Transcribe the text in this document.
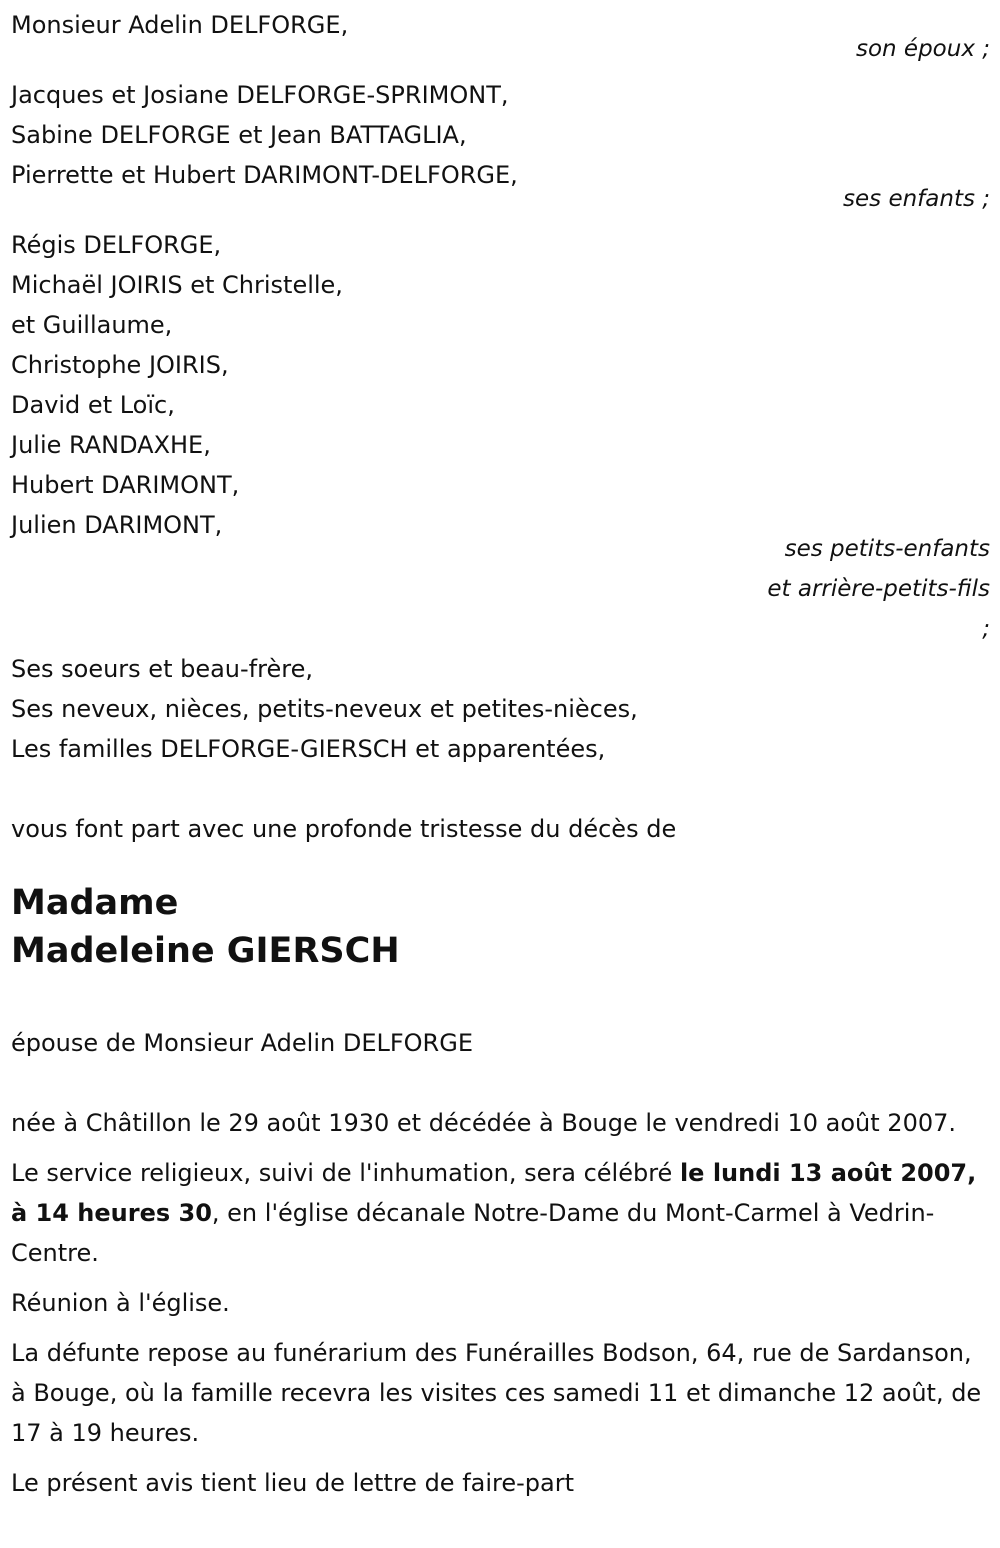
Monsieur Adelin DELFORGE,
son époux ;
Jacques et Josiane DELFORGE-SPRIMONT,
Sabine DELFORGE et Jean BATTAGLIA,
Pierrette et Hubert DARIMONT-DELFORGE,
ses enfants ;
Régis DELFORGE,
Michaël JOIRIS et Christelle,
et Guillaume,
Christophe JOIRIS,
David et Loïc,
Julie RANDAXHE,
Hubert DARIMONT,
Julien DARIMONT,
ses petits-enfants
et arrière-petits-fils
;
Ses soeurs et beau-frère,
Ses neveux, nièces, petits-neveux et petites-nièces,
Les familles DELFORGE-GIERSCH et apparentées,
vous font part avec une profonde tristesse du décès de
Madame
Madeleine GIERSCH
épouse de Monsieur Adelin DELFORGE

née à Châtillon le 29 août 1930 et décédée à Bouge le vendredi 10 août 2007.

Le service religieux, suivi de l'inhumation, sera célébré le lundi 13 août 2007, à 14 heures 30, en l'église décanale Notre-Dame du Mont-Carmel à Vedrin-Centre.

Réunion à l'église.

La défunte repose au funérarium des Funérailles Bodson, 64, rue de Sardanson, à Bouge, où la famille recevra les visites ces samedi 11 et dimanche 12 août, de 17 à 19 heures.

Le présent avis tient lieu de lettre de faire-part
